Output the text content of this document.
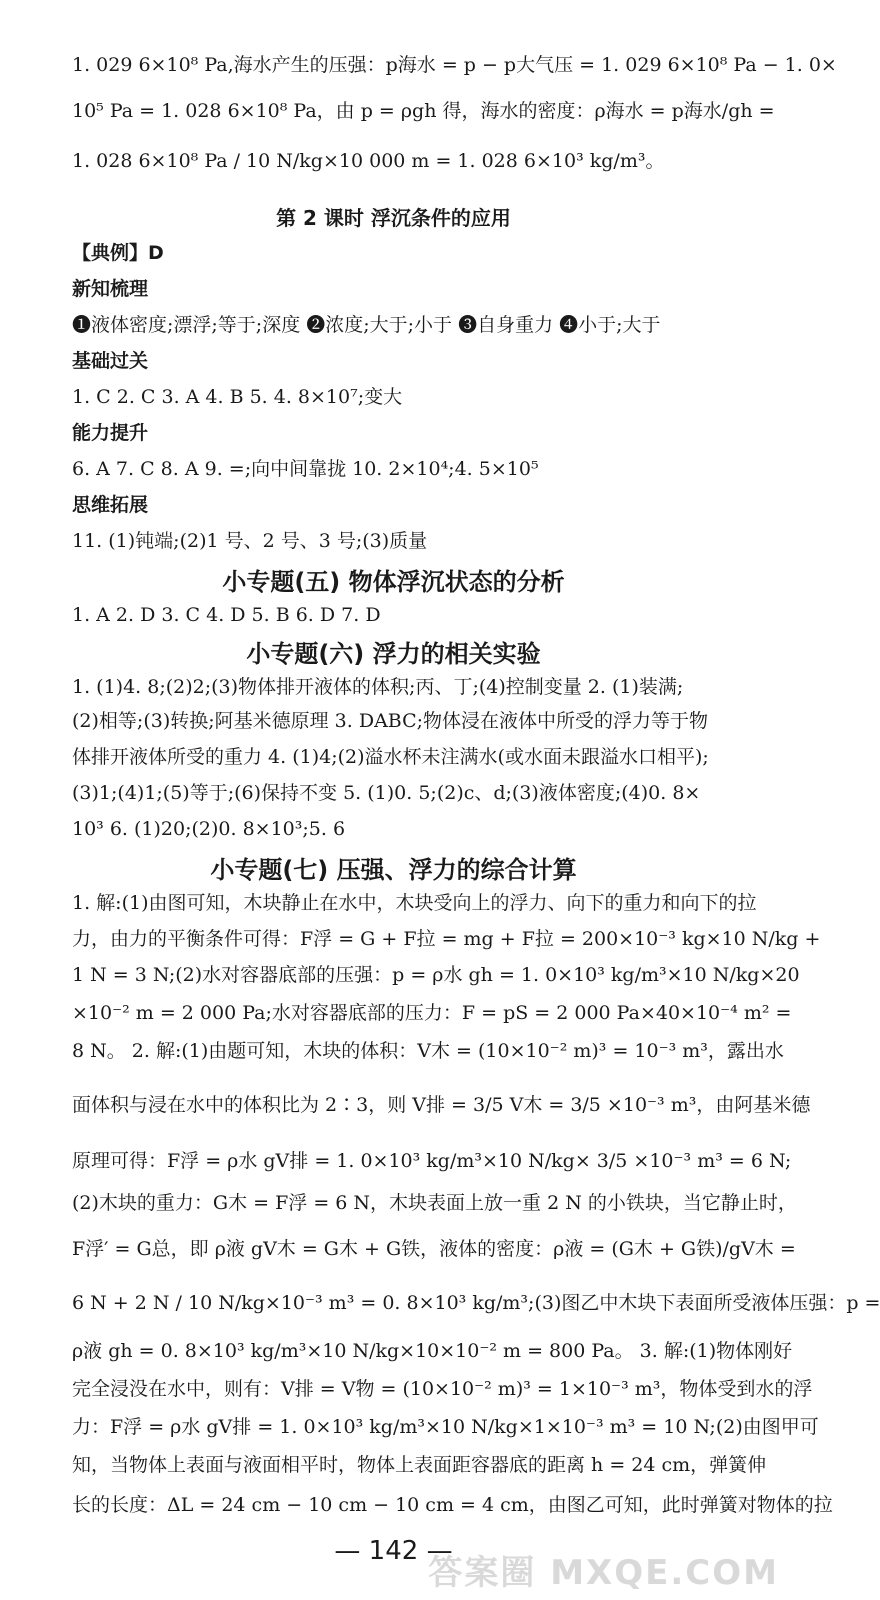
1. 029 6×10⁸ Pa,海水产生的压强：p海水 = p − p大气压 = 1. 029 6×10⁸ Pa − 1. 0×
10⁵ Pa = 1. 028 6×10⁸ Pa，由 p = ρgh 得，海水的密度：ρ海水 = p海水/gh =
1. 028 6×10⁸ Pa / 10 N/kg×10 000 m = 1. 028 6×10³ kg/m³。
第 2 课时 浮沉条件的应用
【典例】D
新知梳理
❶液体密度;漂浮;等于;深度 ❷浓度;大于;小于 ❸自身重力 ❹小于;大于
基础过关
1. C 2. C 3. A 4. B 5. 4. 8×10⁷;变大
能力提升
6. A 7. C 8. A 9. =;向中间靠拢 10. 2×10⁴;4. 5×10⁵
思维拓展
11. (1)钝端;(2)1 号、2 号、3 号;(3)质量
小专题(五) 物体浮沉状态的分析
1. A 2. D 3. C 4. D 5. B 6. D 7. D
小专题(六) 浮力的相关实验
1. (1)4. 8;(2)2;(3)物体排开液体的体积;丙、丁;(4)控制变量 2. (1)装满;
(2)相等;(3)转换;阿基米德原理 3. DABC;物体浸在液体中所受的浮力等于物
体排开液体所受的重力 4. (1)4;(2)溢水杯未注满水(或水面未跟溢水口相平);
(3)1;(4)1;(5)等于;(6)保持不变 5. (1)0. 5;(2)c、d;(3)液体密度;(4)0. 8×
10³ 6. (1)20;(2)0. 8×10³;5. 6
小专题(七) 压强、浮力的综合计算
1. 解:(1)由图可知，木块静止在水中，木块受向上的浮力、向下的重力和向下的拉
力，由力的平衡条件可得：F浮 = G + F拉 = mg + F拉 = 200×10⁻³ kg×10 N/kg +
1 N = 3 N;(2)水对容器底部的压强：p = ρ水 gh = 1. 0×10³ kg/m³×10 N/kg×20
×10⁻² m = 2 000 Pa;水对容器底部的压力：F = pS = 2 000 Pa×40×10⁻⁴ m² =
8 N。 2. 解:(1)由题可知，木块的体积：V木 = (10×10⁻² m)³ = 10⁻³ m³，露出水
面体积与浸在水中的体积比为 2∶3，则 V排 = 3/5 V木 = 3/5 ×10⁻³ m³，由阿基米德
原理可得：F浮 = ρ水 gV排 = 1. 0×10³ kg/m³×10 N/kg× 3/5 ×10⁻³ m³ = 6 N;
(2)木块的重力：G木 = F浮 = 6 N，木块表面上放一重 2 N 的小铁块，当它静止时，
F浮′ = G总，即 ρ液 gV木 = G木 + G铁，液体的密度：ρ液 = (G木 + G铁)/gV木 =
6 N + 2 N / 10 N/kg×10⁻³ m³ = 0. 8×10³ kg/m³;(3)图乙中木块下表面所受液体压强：p =
ρ液 gh = 0. 8×10³ kg/m³×10 N/kg×10×10⁻² m = 800 Pa。 3. 解:(1)物体刚好
完全浸没在水中，则有：V排 = V物 = (10×10⁻² m)³ = 1×10⁻³ m³，物体受到水的浮
力：F浮 = ρ水 gV排 = 1. 0×10³ kg/m³×10 N/kg×1×10⁻³ m³ = 10 N;(2)由图甲可
知，当物体上表面与液面相平时，物体上表面距容器底的距离 h = 24 cm，弹簧伸
长的长度：ΔL = 24 cm − 10 cm − 10 cm = 4 cm，由图乙可知，此时弹簧对物体的拉
— 142 —
答案圈 MXQE.COM
